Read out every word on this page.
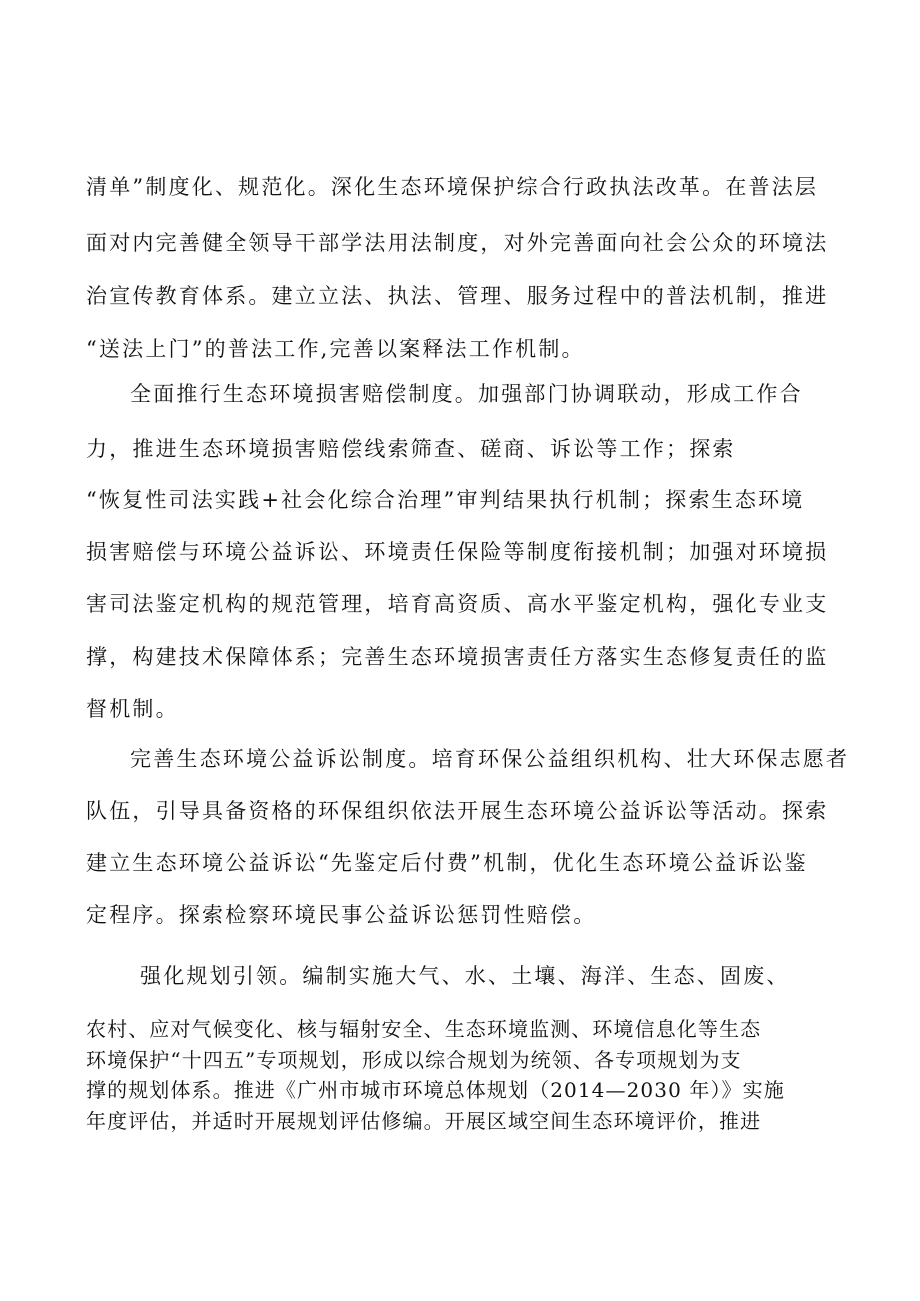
清单”制度化、规范化。深化生态环境保护综合行政执法改革。在普法层
面对内完善健全领导干部学法用法制度，对外完善面向社会公众的环境法
治宣传教育体系。建立立法、执法、管理、服务过程中的普法机制，推进
“送法上门”的普法工作,完善以案释法工作机制。
全面推行生态环境损害赔偿制度。加强部门协调联动，形成工作合
力，推进生态环境损害赔偿线索筛查、磋商、诉讼等工作；探索
“恢复性司法实践+社会化综合治理”审判结果执行机制；探索生态环境
损害赔偿与环境公益诉讼、环境责任保险等制度衔接机制；加强对环境损
害司法鉴定机构的规范管理，培育高资质、高水平鉴定机构，强化专业支
撑，构建技术保障体系；完善生态环境损害责任方落实生态修复责任的监
督机制。
完善生态环境公益诉讼制度。培育环保公益组织机构、壮大环保志愿者
队伍，引导具备资格的环保组织依法开展生态环境公益诉讼等活动。探索
建立生态环境公益诉讼“先鉴定后付费”机制，优化生态环境公益诉讼鉴
定程序。探索检察环境民事公益诉讼惩罚性赔偿。
强化规划引领。编制实施大气、水、土壤、海洋、生态、固废、
农村、应对气候变化、核与辐射安全、生态环境监测、环境信息化等生态
环境保护“十四五”专项规划，形成以综合规划为统领、各专项规划为支
撑的规划体系。推进《广州市城市环境总体规划（2014—2030 年）》实施
年度评估，并适时开展规划评估修编。开展区域空间生态环境评价，推进
